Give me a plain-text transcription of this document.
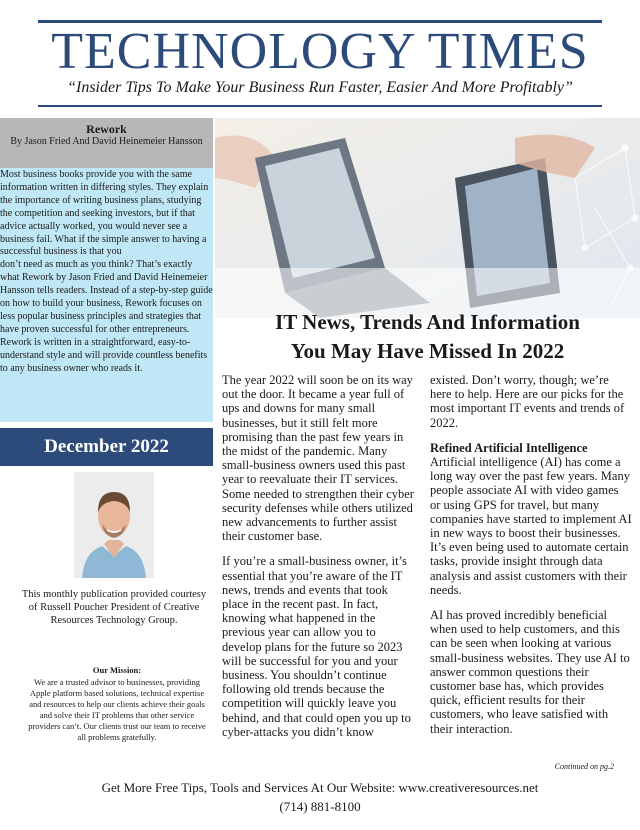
TECHNOLOGY TIMES
“Insider Tips To Make Your Business Run Faster, Easier And More Profitably”
Rework
By Jason Fried And David Heinemeier Hansson

Most business books provide you with the same information written in differing styles. They explain the importance of writing business plans, studying the competition and seeking investors, but if that advice actually worked, you would never see a business fail. What if the simple answer to having a successful business is that you

don’t need as much as you think? That’s exactly what Rework by Jason Fried and David Heinemeier Hansson tells readers. Instead of a step-by-step guide on how to build your business, Rework focuses on less popular business principles and strategies that have proven successful for other entrepreneurs. Rework is written in a straightforward, easy-to-understand style and will provide countless benefits to any business owner who reads it.

December 2022
This monthly publication provided courtesy of Russell Poucher President of Creative Resources Technology Group.
Our Mission:
We are a trusted advisor to businesses, providing Apple platform based solutions, technical expertise and resources to help our clients achieve their goals and solve their IT problems that other service providers can’t. Our clients trust our team to receive all problems gratefully.
IT News, Trends And Information
You May Have Missed In 2022

The year 2022 will soon be on its way out the door. It became a year full of ups and downs for many small businesses, but it still felt more promising than the past few years in the midst of the pandemic. Many small-business owners used this past year to reevaluate their IT services. Some needed to strengthen their cyber security defenses while others utilized new advancements to further assist their customer base.

If you’re a small-business owner, it’s essential that you’re aware of the IT news, trends and events that took place in the recent past. In fact, knowing what happened in the previous year can allow you to develop plans for the future so 2023 will be successful for you and your business. You shouldn’t continue following old trends because the competition will quickly leave you behind, and that could open you up to cyber-attacks you didn’t know

existed. Don’t worry, though; we’re here to help. Here are our picks for the most important IT events and trends of 2022.

Refined Artificial Intelligence

Artificial intelligence (AI) has come a long way over the past few years. Many people associate AI with video games or using GPS for travel, but many companies have started to implement AI in new ways to boost their businesses. It’s even being used to automate certain tasks, provide insight through data analysis and assist customers with their needs.

AI has proved incredibly beneficial when used to help customers, and this can be seen when looking at various small-business websites. They use AI to answer common questions their customer base has, which provides quick, efficient results for their customers, who leave satisfied with their interaction.

Continued on pg.2
Get More Free Tips, Tools and Services At Our Website: www.creativeresources.net
(714) 881-8100
